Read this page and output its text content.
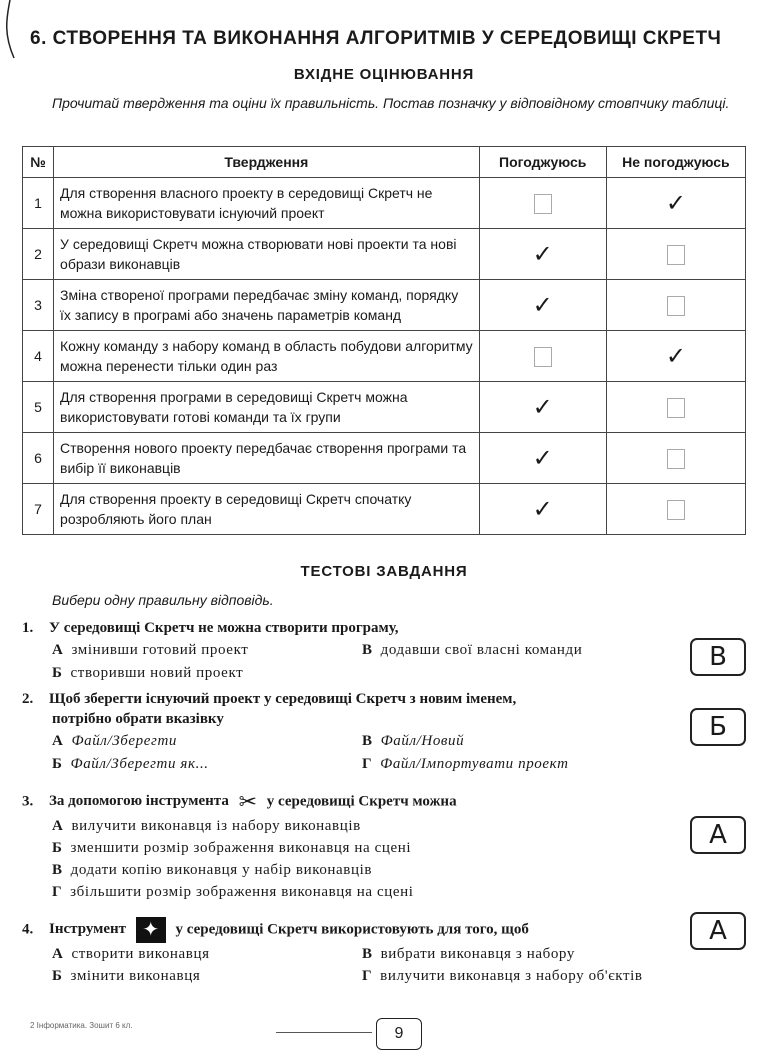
6. СТВОРЕННЯ ТА ВИКОНАННЯ АЛГОРИТМІВ У СЕРЕДОВИЩІ СКРЕТЧ
ВХІДНЕ ОЦІНЮВАННЯ
Прочитай твердження та оціни їх правильність. Постав позначку у відповідному стовпчику таблиці.
№	Твердження	Погоджуюсь	Не погоджуюсь
1	Для створення власного проекту в середовищі Скретч не можна використовувати існуючий проект		✓
2	У середовищі Скретч можна створювати нові проекти та нові образи виконавців	✓	
3	Зміна створеної програми передбачає зміну команд, порядку їх запису в програмі або значень параметрів команд	✓	
4	Кожну команду з набору команд в область побудови алгоритму можна перенести тільки один раз		✓
5	Для створення програми в середовищі Скретч можна використовувати готові команди та їх групи	✓	
6	Створення нового проекту передбачає створення програми та вибір її виконавців	✓	
7	Для створення проекту в середовищі Скретч спочатку розробляють його план	✓	
ТЕСТОВІ ЗАВДАННЯ
Вибери одну правильну відповідь.
1. У середовищі Скретч не можна створити програму,
А змінивши готовий проект
Б створивши новий проект
В додавши свої власні команди	В
2. Щоб зберегти існуючий проект у середовищі Скретч з новим іменем,
потрібно обрати вказівку
А Файл/Зберегти
Б Файл/Зберегти як...
В Файл/Новий
Г Файл/Імпортувати проект
Б
3. За допомогою інструмента ✂ у середовищі Скретч можна
А вилучити виконавця із набору виконавців
Б зменшити розмір зображення виконавця на сцені
В додати копію виконавця у набір виконавців
Г збільшити розмір зображення виконавця на сцені
А
4. Інструмент ✦ у середовищі Скретч використовують для того, щоб
А створити виконавця
Б змінити виконавця
В вибрати виконавця з набору
Г вилучити виконавця з набору об'єктів
А
2 Інформатика. Зошит 6 кл.	9
